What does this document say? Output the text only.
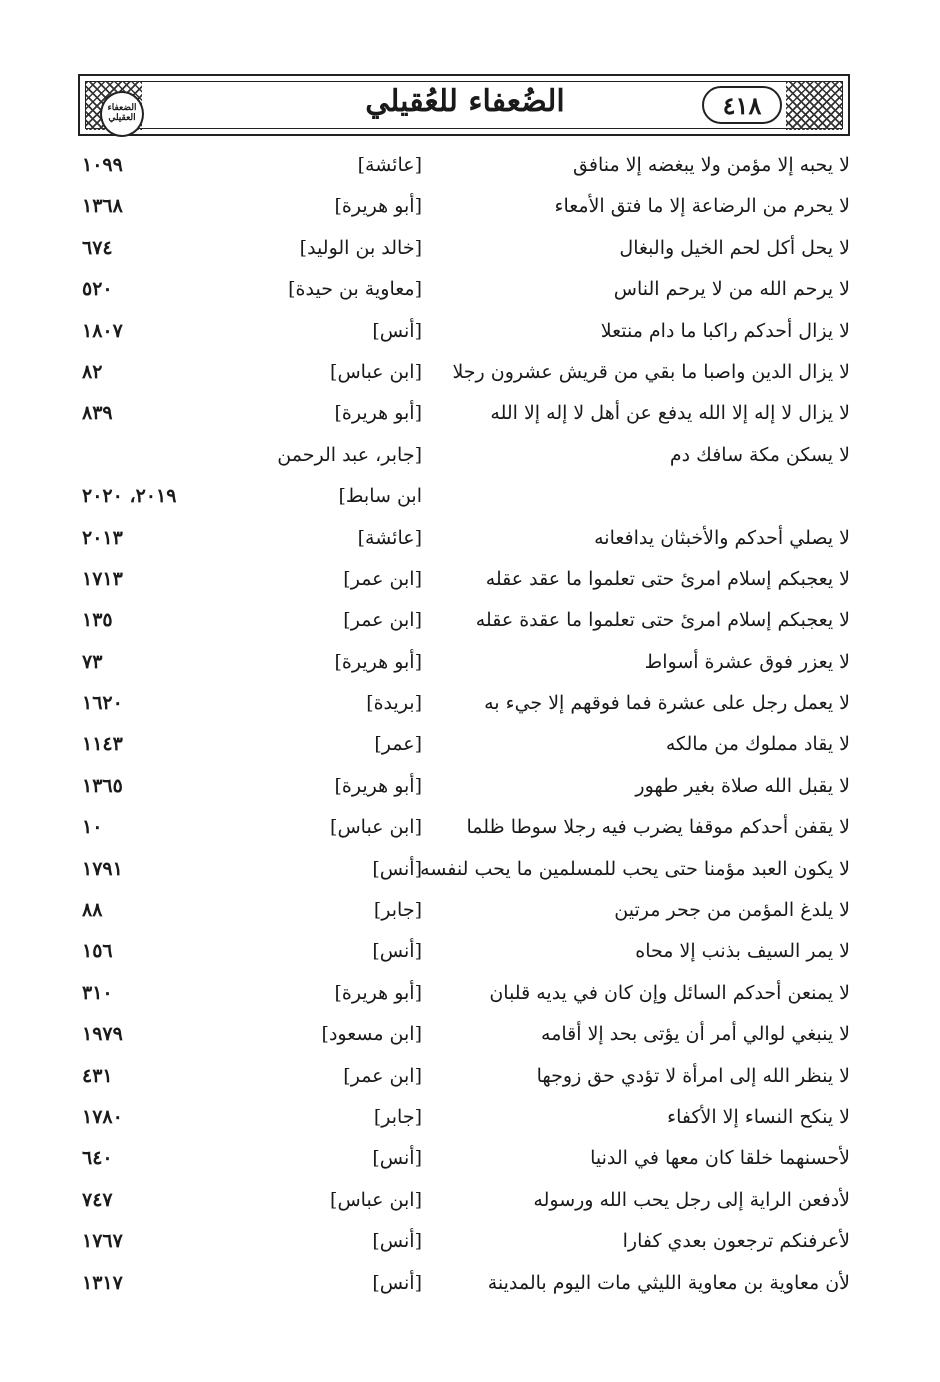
الضعفاء العقيلي	الضُعفاء للعُقيلي	٤١٨
لا يحبه إلا مؤمن ولا يبغضه إلا منافق
[عائشة]
١٠٩٩
لا يحرم من الرضاعة إلا ما فتق الأمعاء
[أبو هريرة]
١٣٦٨
لا يحل أكل لحم الخيل والبغال
[خالد بن الوليد]
٦٧٤
لا يرحم الله من لا يرحم الناس
[معاوية بن حيدة]
٥٢٠
لا يزال أحدكم راكبا ما دام منتعلا
[أنس]
١٨٠٧
لا يزال الدين واصبا ما بقي من قريش عشرون رجلا
[ابن عباس]
٨٢
لا يزال لا إله إلا الله يدفع عن أهل لا إله إلا الله
[أبو هريرة]
٨٣٩
لا يسكن مكة سافك دم
[جابر، عبد الرحمن
ابن سابط]
٢٠١٩، ٢٠٢٠
لا يصلي أحدكم والأخبثان يدافعانه
[عائشة]
٢٠١٣
لا يعجبكم إسلام امرئ حتى تعلموا ما عقد عقله
[ابن عمر]
١٧١٣
لا يعجبكم إسلام امرئ حتى تعلموا ما عقدة عقله
[ابن عمر]
١٣٥
لا يعزر فوق عشرة أسواط
[أبو هريرة]
٧٣
لا يعمل رجل على عشرة فما فوقهم إلا جيء به
[بريدة]
١٦٢٠
لا يقاد مملوك من مالكه
[عمر]
١١٤٣
لا يقبل الله صلاة بغير طهور
[أبو هريرة]
١٣٦٥
لا يقفن أحدكم موقفا يضرب فيه رجلا سوطا ظلما
[ابن عباس]
١٠
لا يكون العبد مؤمنا حتى يحب للمسلمين ما يحب لنفسه
[أنس]
١٧٩١
لا يلدغ المؤمن من جحر مرتين
[جابر]
٨٨
لا يمر السيف بذنب إلا محاه
[أنس]
١٥٦
لا يمنعن أحدكم السائل وإن كان في يديه قلبان
[أبو هريرة]
٣١٠
لا ينبغي لوالي أمر أن يؤتى بحد إلا أقامه
[ابن مسعود]
١٩٧٩
لا ينظر الله إلى امرأة لا تؤدي حق زوجها
[ابن عمر]
٤٣١
لا ينكح النساء إلا الأكفاء
[جابر]
١٧٨٠
لأحسنهما خلقا كان معها في الدنيا
[أنس]
٦٤٠
لأدفعن الراية إلى رجل يحب الله ورسوله
[ابن عباس]
٧٤٧
لأعرفنكم ترجعون بعدي كفارا
[أنس]
١٧٦٧
لأن معاوية بن معاوية الليثي مات اليوم بالمدينة
[أنس]
١٣١٧
